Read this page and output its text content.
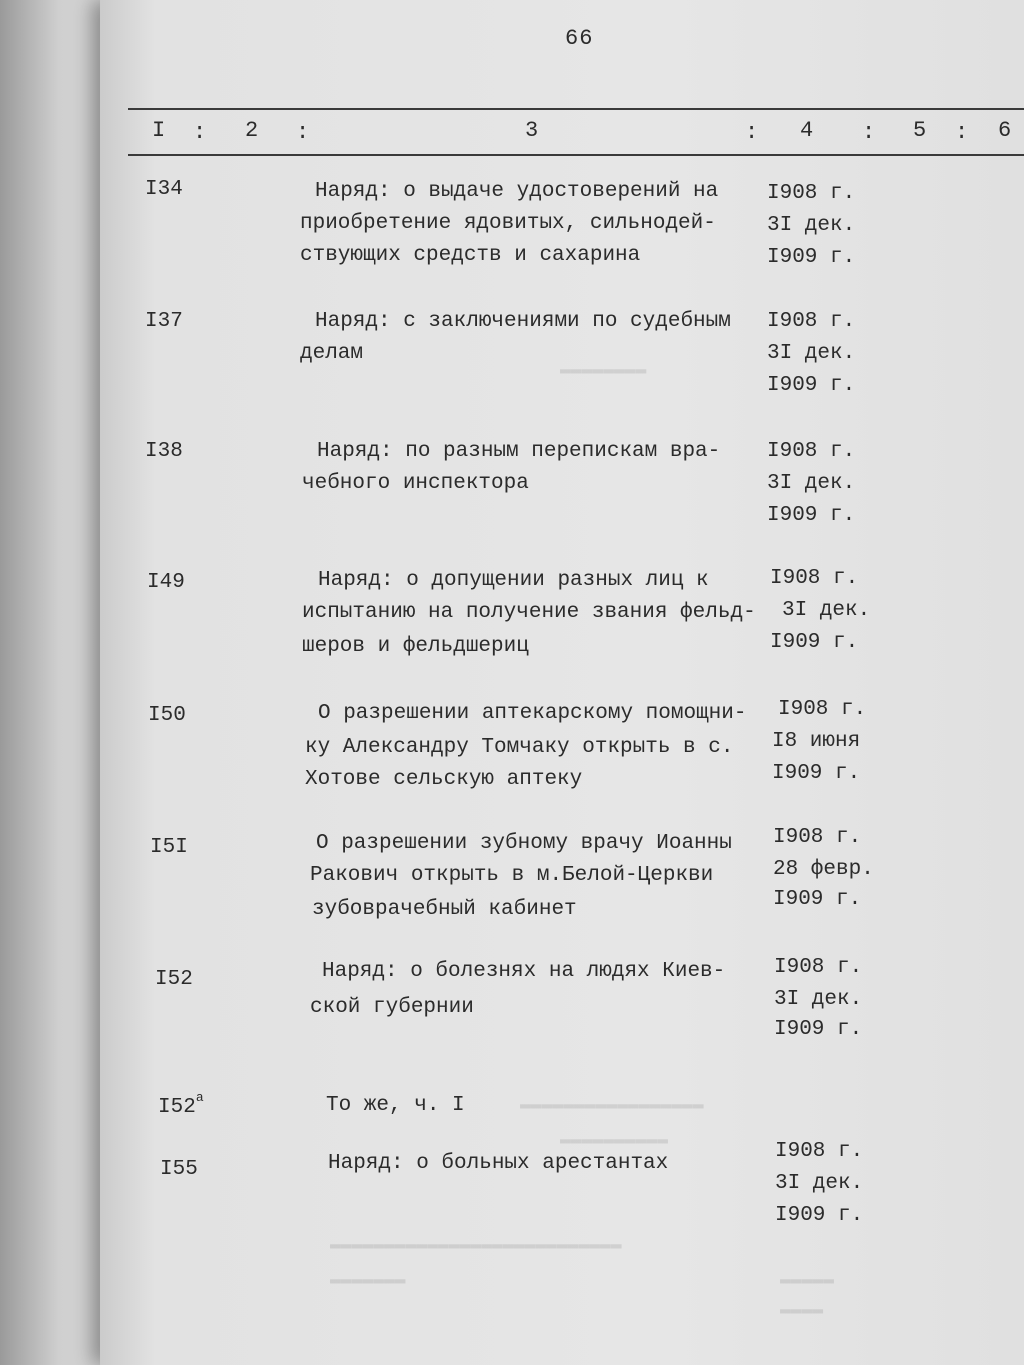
▬▬▬▬▬▬▬▬
▬▬▬▬▬▬▬▬▬▬▬▬▬▬▬▬▬
▬▬▬▬▬▬▬▬▬▬
▬▬▬▬▬▬▬▬▬▬▬▬▬▬▬▬▬▬▬▬▬▬▬▬▬▬▬
▬▬▬▬▬▬▬	▬▬▬▬▬
▬▬▬▬
66
I : 2 :	3	: 4 : 5 : 6
I34	Наряд: о выдаче удостоверений на
приобретение ядовитых, сильнодей-
ствующих средств и сахарина
I908 г.
3I дек.
I909 г.
I37	Наряд: с заключениями по судебным
делам
I908 г.
3I дек.
I909 г.
I38	Наряд: по разным перепискам вра-
чебного инспектора
I908 г.
3I дек.
I909 г.
I49	Наряд: о допущении разных лиц к
испытанию на получение звания фельд-
шеров и фельдшериц
I908 г.
3I дек.
I909 г.
I50	О разрешении аптекарскому помощни-
ку Александру Томчаку открыть в с.
Хотове сельскую аптеку
I908 г.
I8 июня
I909 г.
I5I	О разрешении зубному врачу Иоанны
Ракович открыть в м.Белой-Церкви
зубоврачебный кабинет
I908 г.
28 февр.
I909 г.
I52	Наряд: о болезнях на людях Киев-
ской губернии
I908 г.
3I дек.
I909 г.
$I52^а$	То же, ч. I
I55	Наряд: о больных арестантах
I908 г.
3I дек.
I909 г.
